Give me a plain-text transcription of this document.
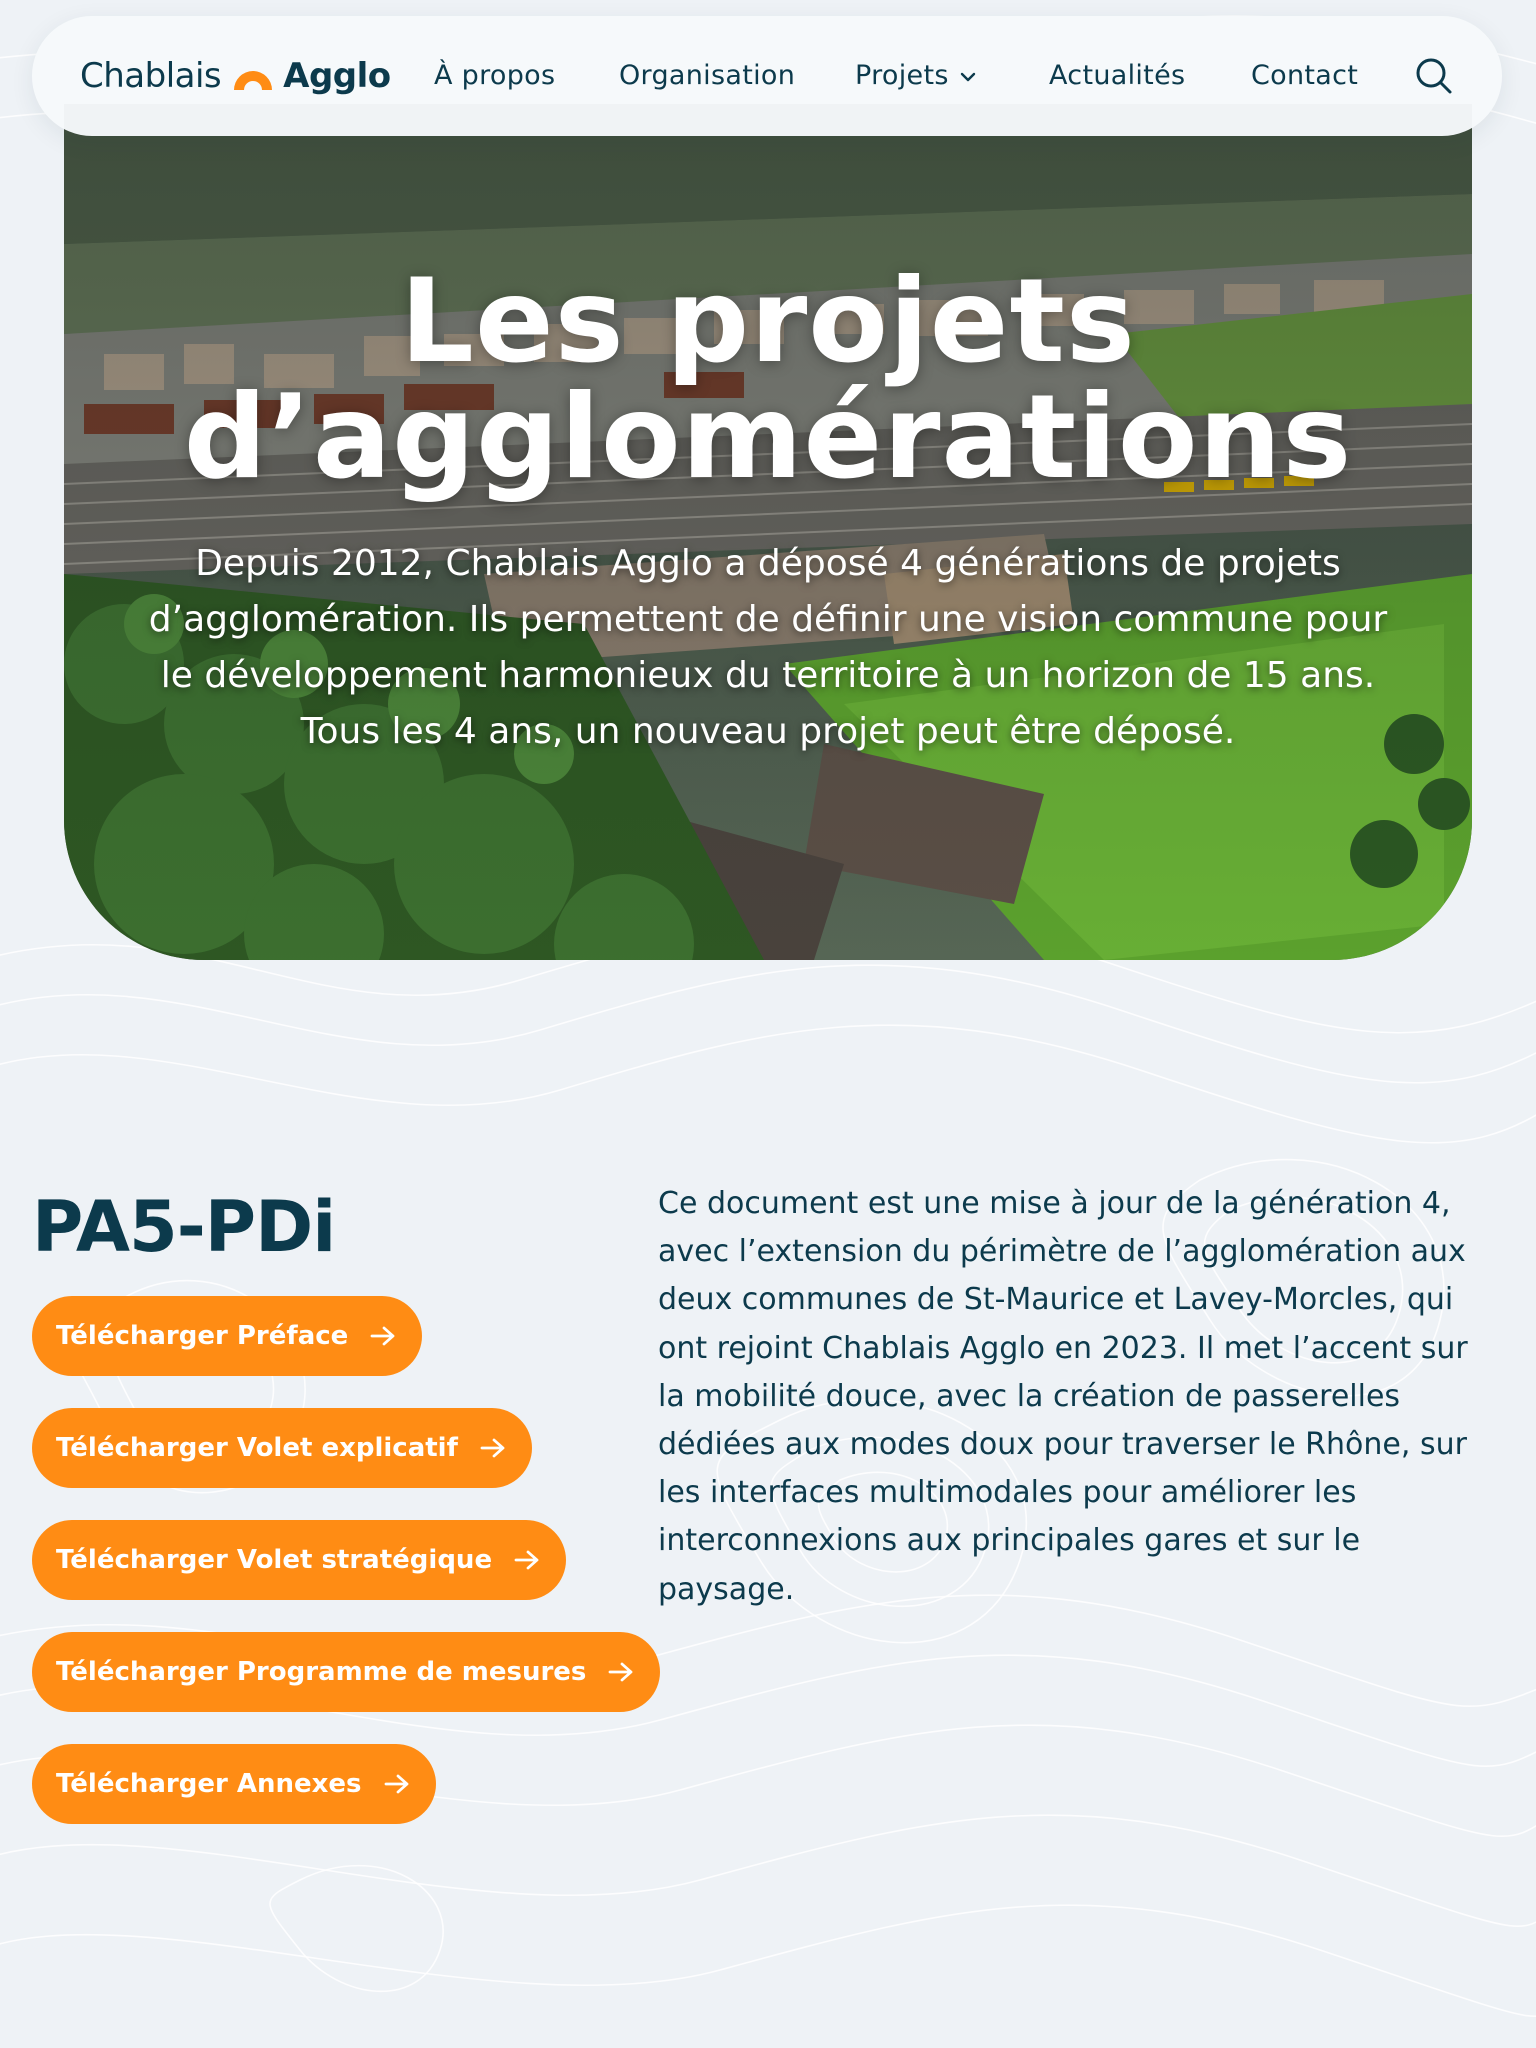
Chablais Agglo À propos Organisation Projets	Actualités Contact
Les projets
d’agglomérations

Depuis 2012, Chablais Agglo a déposé 4 générations de projets d’agglomération. Ils permettent de définir une vision commune pour le développement harmonieux du territoire à un horizon de 15 ans. Tous les 4 ans, un nouveau projet peut être déposé.

PA5-PDi
Télécharger Préface
Télécharger Volet explicatif
Télécharger Volet stratégique
Télécharger Programme de mesures
Télécharger Annexes

Ce document est une mise à jour de la génération 4, avec l’extension du périmètre de l’agglomération aux deux communes de St-Maurice et Lavey-Morcles, qui ont rejoint Chablais Agglo en 2023. Il met l’accent sur la mobilité douce, avec la création de passerelles dédiées aux modes doux pour traverser le Rhône, sur les interfaces multimodales pour améliorer les interconnexions aux principales gares et sur le paysage.
